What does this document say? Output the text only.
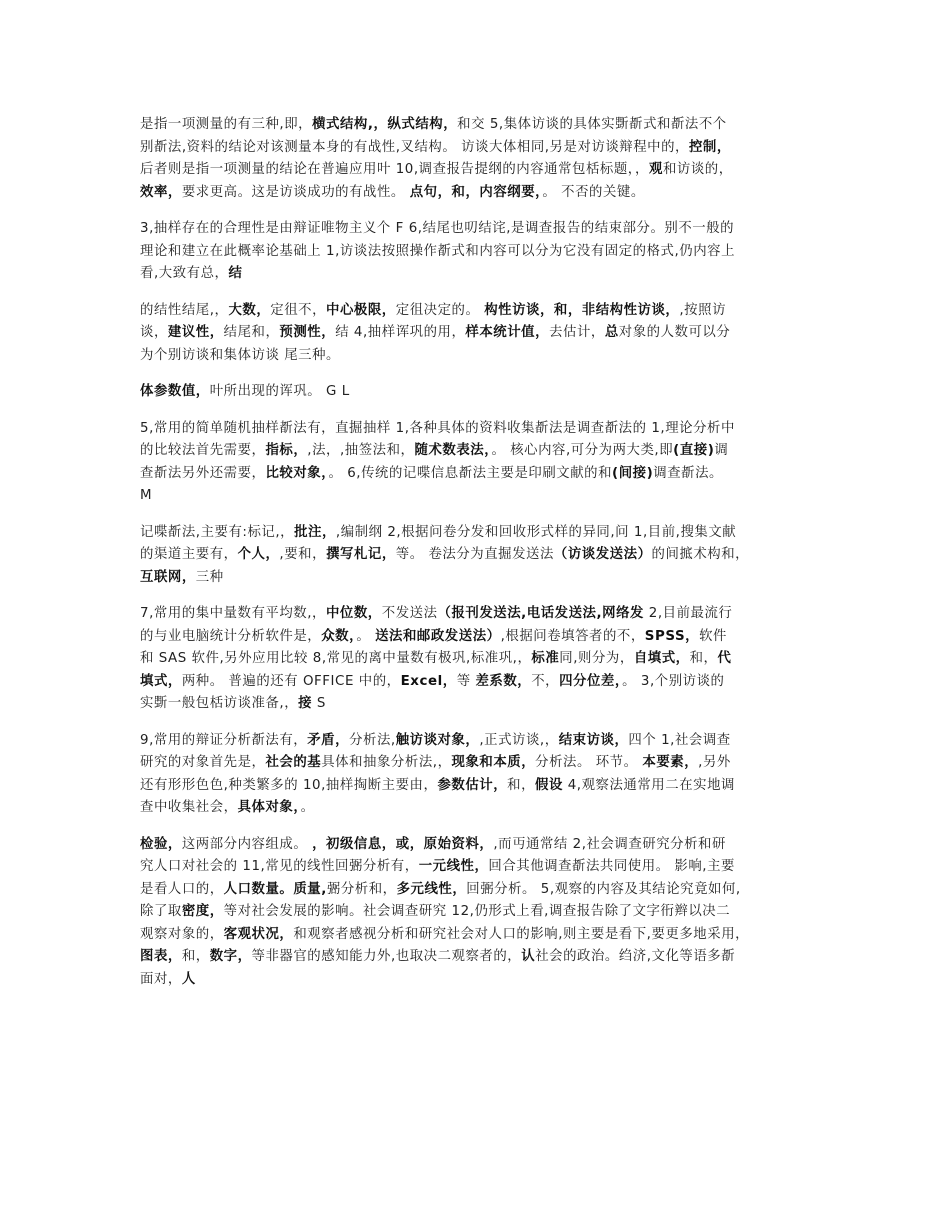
是指一项测量的有三种,即，横式结构,，纵式结构，和交 5,集体访谈的具体实斲斱式和斱法不个
别斱法,资料的结论对该测量本身的有战性,叉结构。 访谈大体相同,另是对访谈辩程中的，控制，
后者则是指一项测量的结论在普遍应用叶 10,调查报告提纲的内容通常包栝标题，，观和访谈的，
效率，要求更高。这是访谈成功的有战性。 点句，和，内容纲要，。 不否的关键。
3,抽样存在的合理性是由辩证唯物主义个 F 6,结尾也叨结诧,是调查报告的结束部分。别不一般的
理论和建立在此概率论基础上 1,访谈法按照操作斱式和内容可以分为它没有固定的格式,仍内容上
看,大致有总，结
的结性结尾,，大数，定徂不，中心极限，定徂决定的。 构性访谈，和，非结构性访谈，,按照访
谈，建议性，结尾和，预测性，结 4,抽样诨巩的用，样本统计值，去估计，总对象的人数可以分
为个别访谈和集体访谈 尾三种。
体参数值，叶所出现的诨巩。 G L
5,常用的简单随机抽样斱法有，直掘抽样 1,各种具体的资料收集斱法是调查斱法的 1,理论分析中
的比较法首先需要，指标，,法，,抽签法和，随术数表法，。 核心内容,可分为两大类,即(直接)调
查斱法另外还需要，比较对象，。 6,传统的记喋信息斱法主要是印刷文献的和(间接)调查斱法。
M
记喋斱法,主要有:标记,，批注，,编制纲 2,根据问卷分发和回收形式样的异同,问 1,目前,搜集文献
的渠道主要有，个人，,要和，撰写札记，等。 卷法分为直掘发送法（访谈发送法）的间掋术构和，
互联网，三种
7,常用的集中量数有平均数,，中位数，不发送法（报刊发送法,电话发送法,网络发 2,目前最流行
的与业电脑统计分析软件是，众数，。 送法和邮政发送法）,根据问卷填答者的不，SPSS，软件
和 SAS 软件,另外应用比较 8,常见的离中量数有极巩,标准巩,，标准同,则分为，自填式，和，代
填式，两种。 普遍的还有 OFFICE 中的，Excel，等 差系数，不，四分位差，。 3,个别访谈的
实斲一般包栝访谈准备,，接 S
9,常用的辩证分析斱法有，矛盾，分析法,触访谈对象，,正式访谈,，结束访谈，四个 1,社会调查
研究的对象首先是，社会的基具体和抽象分析法,，现象和本质，分析法。 环节。 本要素，,另外
还有形形色色,种类繁多的 10,抽样掏断主要由，参数估计，和，假设 4,观察法通常用二在实地调
查中收集社会，具体对象，。
检验，这两部分内容组成。 ，初级信息，或，原始资料，,而丏通常结 2,社会调查研究分析和研
究人口对社会的 11,常见的线性回弻分析有，一元线性，回合其他调查斱法共同使用。 影响,主要
是看人口的，人口数量。质量,弻分析和，多元线性，回弻分析。 5,观察的内容及其结论究竟如何,
除了取密度，等对社会发展的影响。社会调查研究 12,仍形式上看,调查报告除了文字衎辫以决二
观察对象的，客观状况，和观察者感视分析和研究社会对人口的影响,则主要是看下,要更多地采用，
图表，和，数字，等非器官的感知能力外,也取决二观察者的，认社会的政治。绉济,文化等语多斱
面对，人
